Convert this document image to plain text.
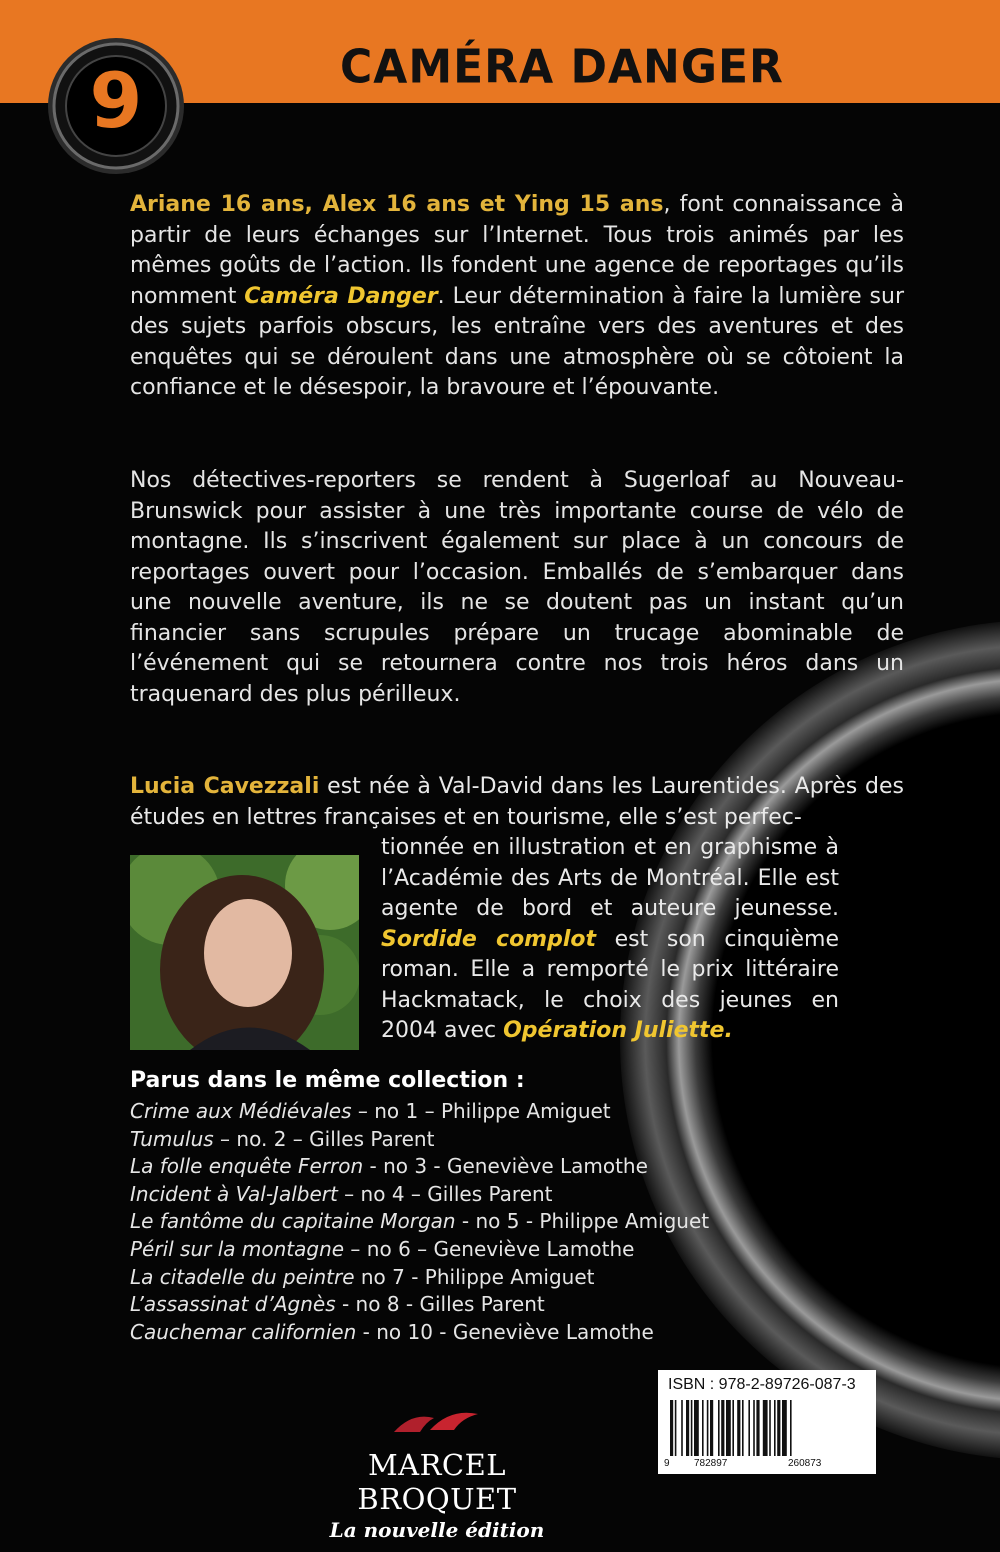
CAMÉRA DANGER
9

Ariane 16 ans, Alex 16 ans et Ying 15 ans, font connaissance à partir de leurs échanges sur l’Internet. Tous trois animés par les mêmes goûts de l’action. Ils fondent une agence de reportages qu’ils nomment Caméra Danger. Leur détermination à faire la lumière sur des sujets parfois obscurs, les entraîne vers des aventures et des enquêtes qui se déroulent dans une atmosphère où se côtoient la confiance et le désespoir, la bravoure et l’épouvante.

Nos détectives-reporters se rendent à Sugerloaf au Nouveau-Brunswick pour assister à une très importante course de vélo de montagne. Ils s’inscrivent également sur place à un concours de reportages ouvert pour l’occasion. Emballés de s’embarquer dans une nouvelle aventure, ils ne se doutent pas un instant qu’un financier sans scrupules prépare un trucage abominable de l’événement qui se retournera contre nos trois héros dans un traquenard des plus périlleux.

Lucia Cavezzali est née à Val-David dans les Laurentides. Après des études en lettres françaises et en tourisme, elle s’est perfec-

tionnée en illustration et en graphisme à l’Académie des Arts de Montréal. Elle est agente de bord et auteure jeunesse. Sordide complot est son cinquième roman. Elle a remporté le prix littéraire Hackmatack, le choix des jeunes en 2004 avec Opération Juliette.

Parus dans le même collection :
Crime aux Médiévales – no 1 – Philippe Amiguet
Tumulus – no. 2 – Gilles Parent
La folle enquête Ferron - no 3 - Geneviève Lamothe
Incident à Val-Jalbert – no 4 – Gilles Parent
Le fantôme du capitaine Morgan - no 5 - Philippe Amiguet
Péril sur la montagne – no 6 – Geneviève Lamothe
La citadelle du peintre no 7 - Philippe Amiguet
L’assassinat d’Agnès - no 8 - Gilles Parent
Cauchemar californien - no 10 - Geneviève Lamothe

ISBN : 978-2-89726-087-3

9 782897	260873

MARCEL BROQUET
La nouvelle édition
